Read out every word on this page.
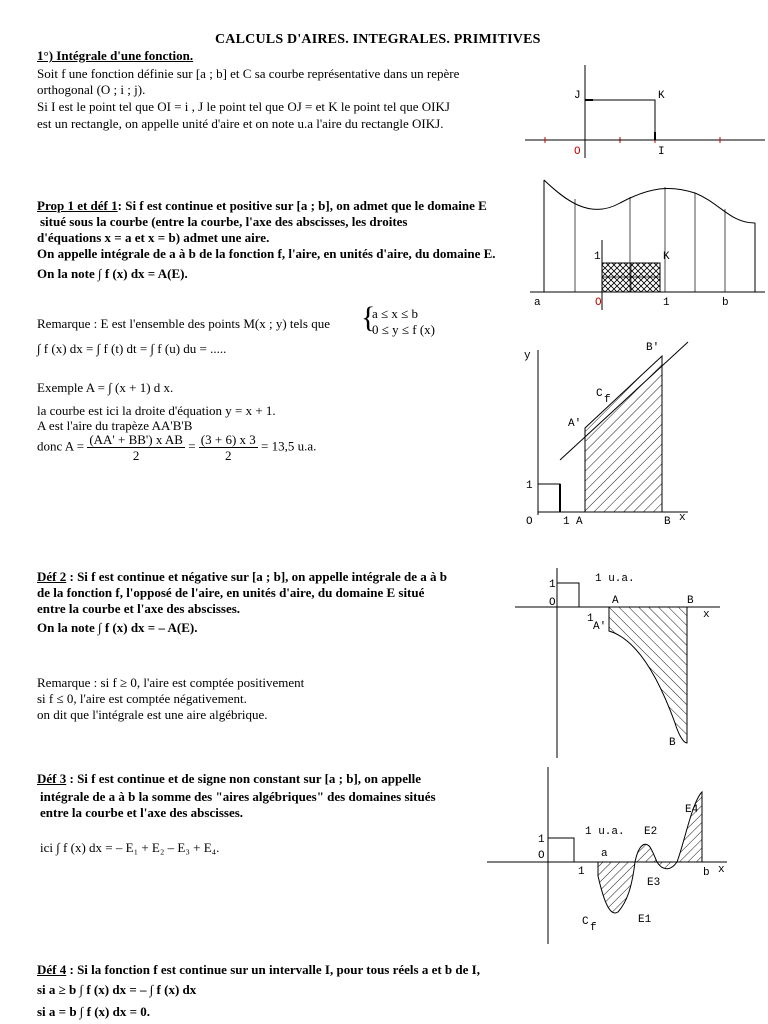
CALCULS D'AIRES. INTEGRALES. PRIMITIVES
1°) Intégrale d'une fonction.
Soit f une fonction définie sur [a ; b] et C sa courbe représentative dans un repère
orthogonal (O ; i ; j).
Si I est le point tel que OI = i , J le point tel que OJ = et K le point tel que OIKJ
est un rectangle, on appelle unité d'aire et on note u.a l'aire du rectangle OIKJ.
J	K
O	I
Prop 1 et déf 1: Si f est continue et positive sur [a ; b], on admet que le domaine E
situé sous la courbe (entre la courbe, l'axe des abscisses, les droites
d'équations x = a et x = b) admet une aire.
On appelle intégrale de a à b de la fonction f, l'aire, en unités d'aire, du domaine E.
On la note ∫ f (x) dx = A(E).
a	O	1	b
1	K
Remarque : E est l'ensemble des points M(x ; y) tels que {
a ≤ x ≤ b
0 ≤ y ≤ f (x)
∫ f (x) dx = ∫ f (t) dt = ∫ f (u) du = .....
Exemple A = ∫ (x + 1) d x.
la courbe est ici la droite d'équation y = x + 1.
A est l'aire du trapèze AA'B'B
donc $A = \frac{\text{(AA' + BB') x AB}}{2} = \frac{(3 + 6) x 3}{2} = 13,5$ u.a.
y
B'
C f
A'
1
O	1 A	B x
Déf 2 : Si f est continue et négative sur [a ; b], on appelle intégrale de a à b
de la fonction f, l'opposé de l'aire, en unités d'aire, du domaine E situé
entre la courbe et l'axe des abscisses.
On la note ∫ f (x) dx = – A(E).
Remarque : si f ≥ 0, l'aire est comptée positivement
si f ≤ 0, l'aire est comptée négativement.
on dit que l'intégrale est une aire algébrique.
1	1 u.a.
O	A	B
x
1
A'
B
Déf 3 : Si f est continue et de signe non constant sur [a ; b], on appelle
intégrale de a à b la somme des "aires algébriques" des domaines situés
entre la courbe et l'axe des abscisses.
ici ∫ f (x) dx = – E₁ + E₂ – E₃ + E₄.	1
O
1 u.a. E2
E4
a
1
E3
b x
C f
E1
Déf 4 : Si la fonction f est continue sur un intervalle I, pour tous réels a et b de I,
si a ≥ b ∫ f (x) dx = – ∫ f (x) dx
si a = b ∫ f (x) dx = 0.
